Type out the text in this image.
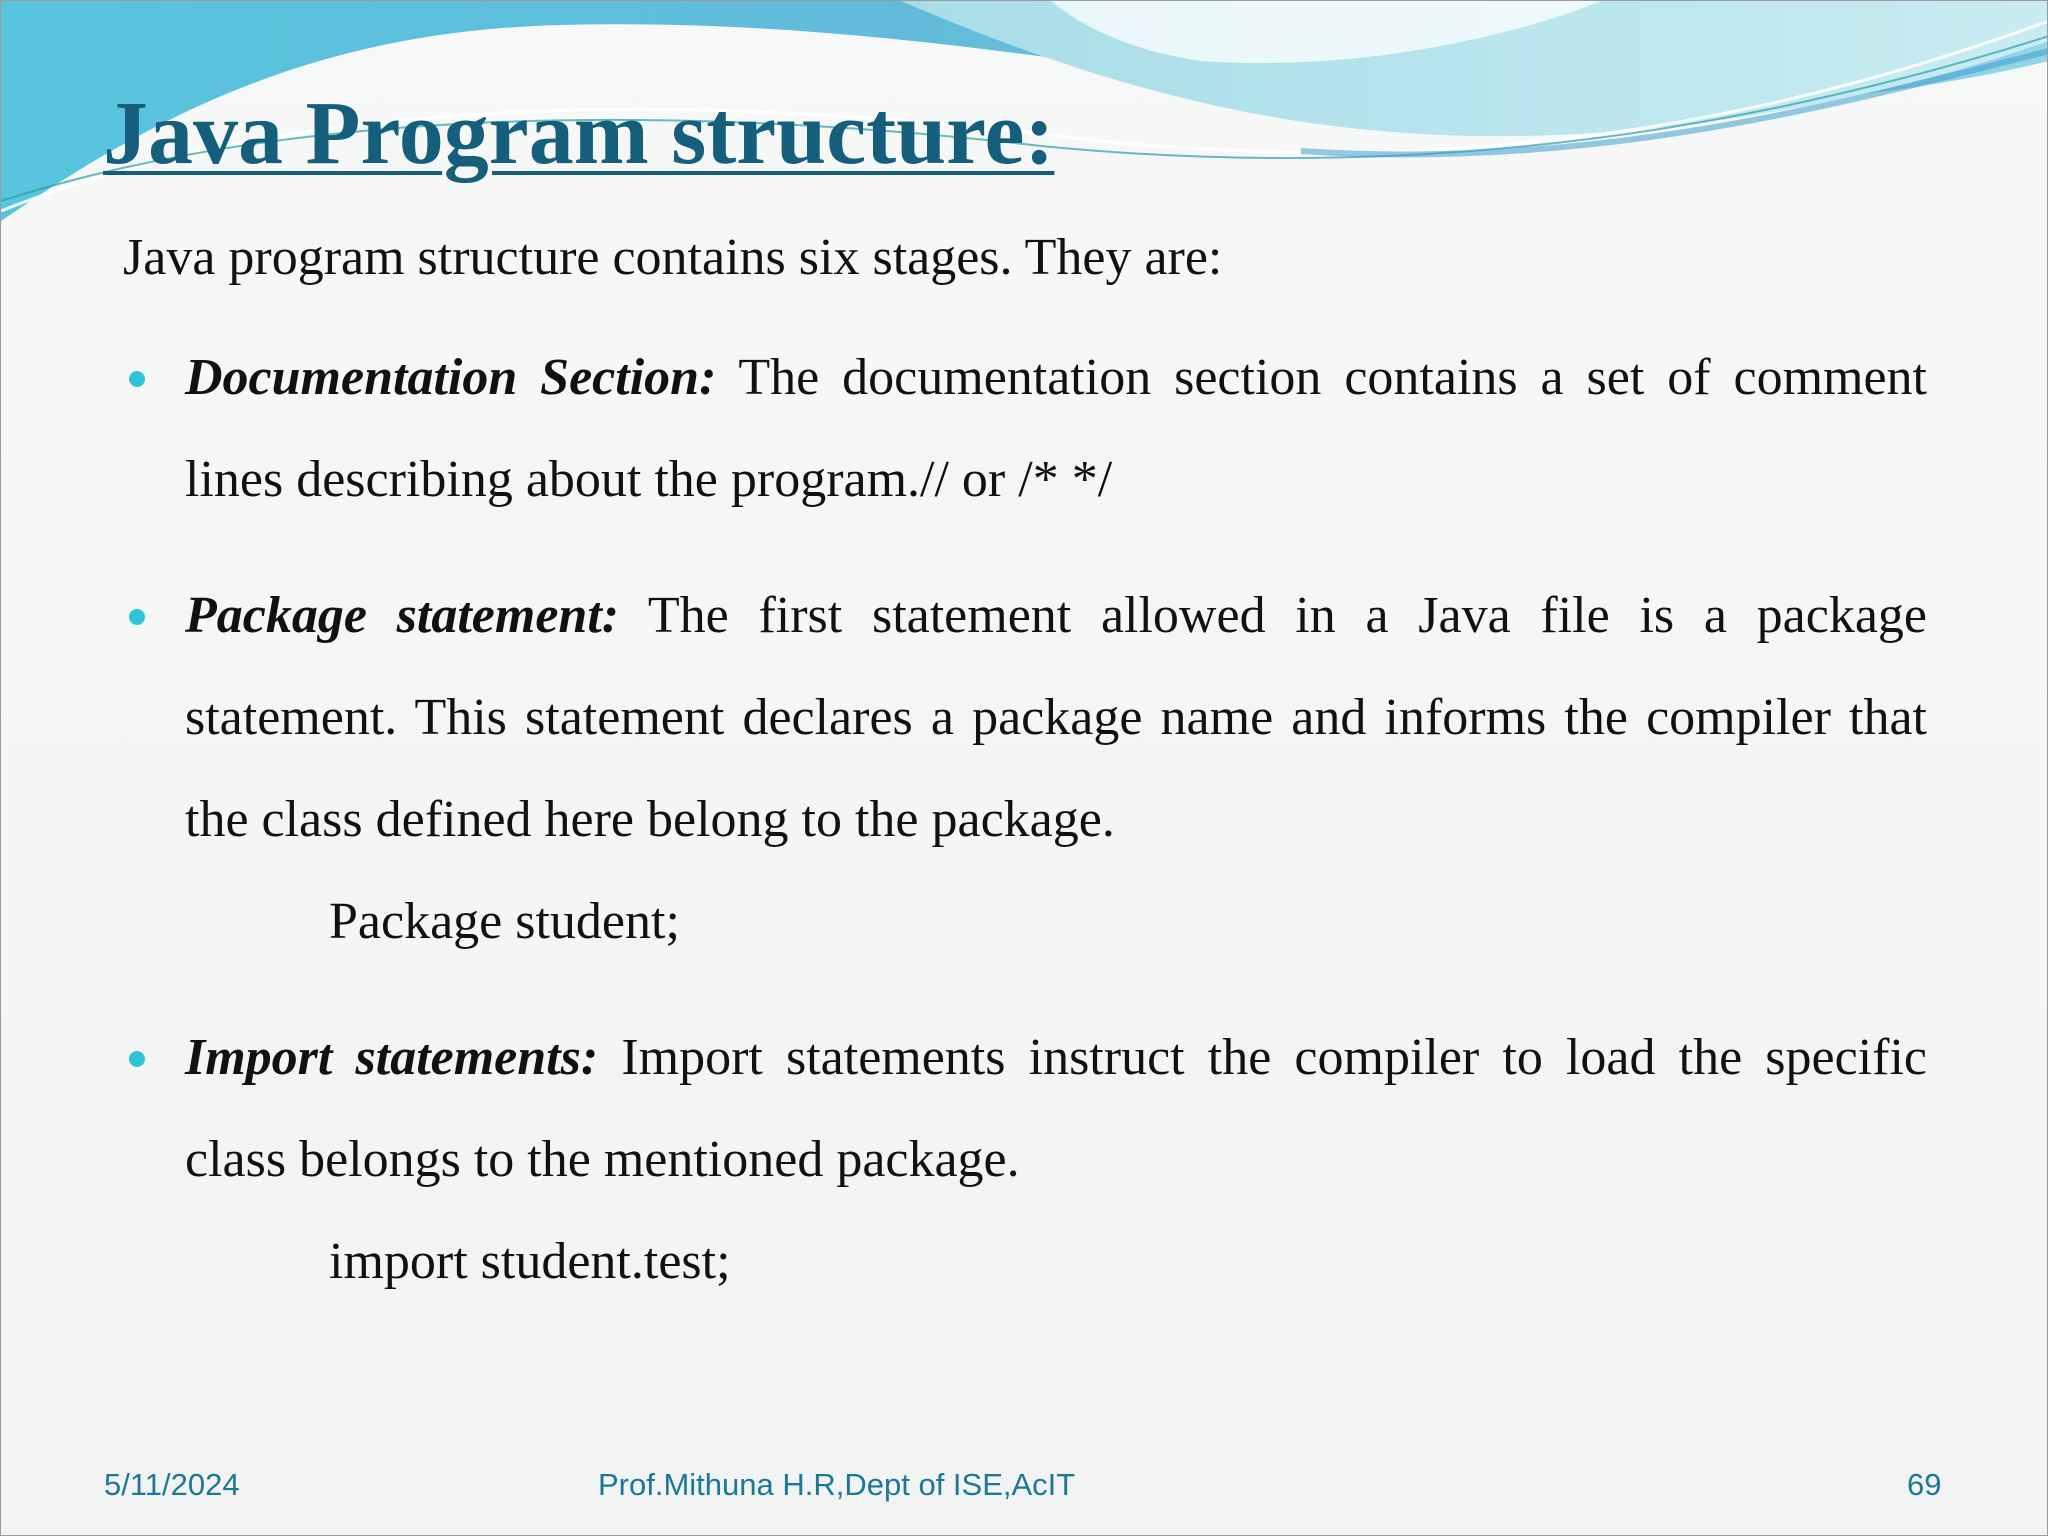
Java Program structure:

Java program structure contains six stages. They are:

Documentation Section: The documentation section contains a set of comment lines describing about the program.// or /* */
Package statement: The first statement allowed in a Java file is a package statement. This statement declares a package name and informs the compiler that the class defined here belong to the package.

Package student;

Import statements: Import statements instruct the compiler to load the specific class belongs to the mentioned package.

import student.test;

5/11/2024	Prof.Mithuna H.R,Dept of ISE,AcIT	69
